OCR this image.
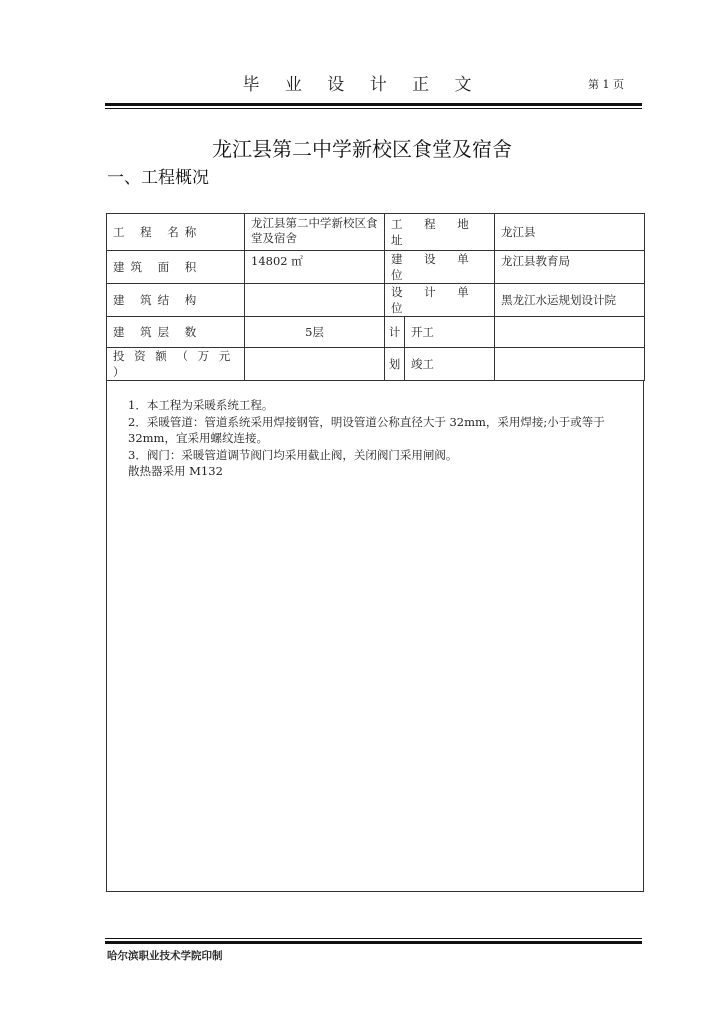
毕 业 设 计 正 文	第 1 页
龙江县第二中学新校区食堂及宿舍
一、工程概况
工 程 名称	龙江县第二中学新校区食堂及宿舍	工 程 地 址		龙江县
建筑 面 积	14802 ㎡	建 设 单 位		龙江县教育局
建 筑结 构		设 计 单 位		黑龙江水运规划设计院
建 筑层 数	5层	计	开工	
投 资 额 （ 万 元 ）		划	竣工	

1．本工程为采暖系统工程。

2．采暖管道：管道系统采用焊接钢管，明设管道公称直径大于 32mm，采用焊接;小于或等于 32mm，宜采用螺纹连接。

3．阀门：采暖管道调节阀门均采用截止阀，关闭阀门采用闸阀。

散热器采用 M132

哈尔滨职业技术学院印制
